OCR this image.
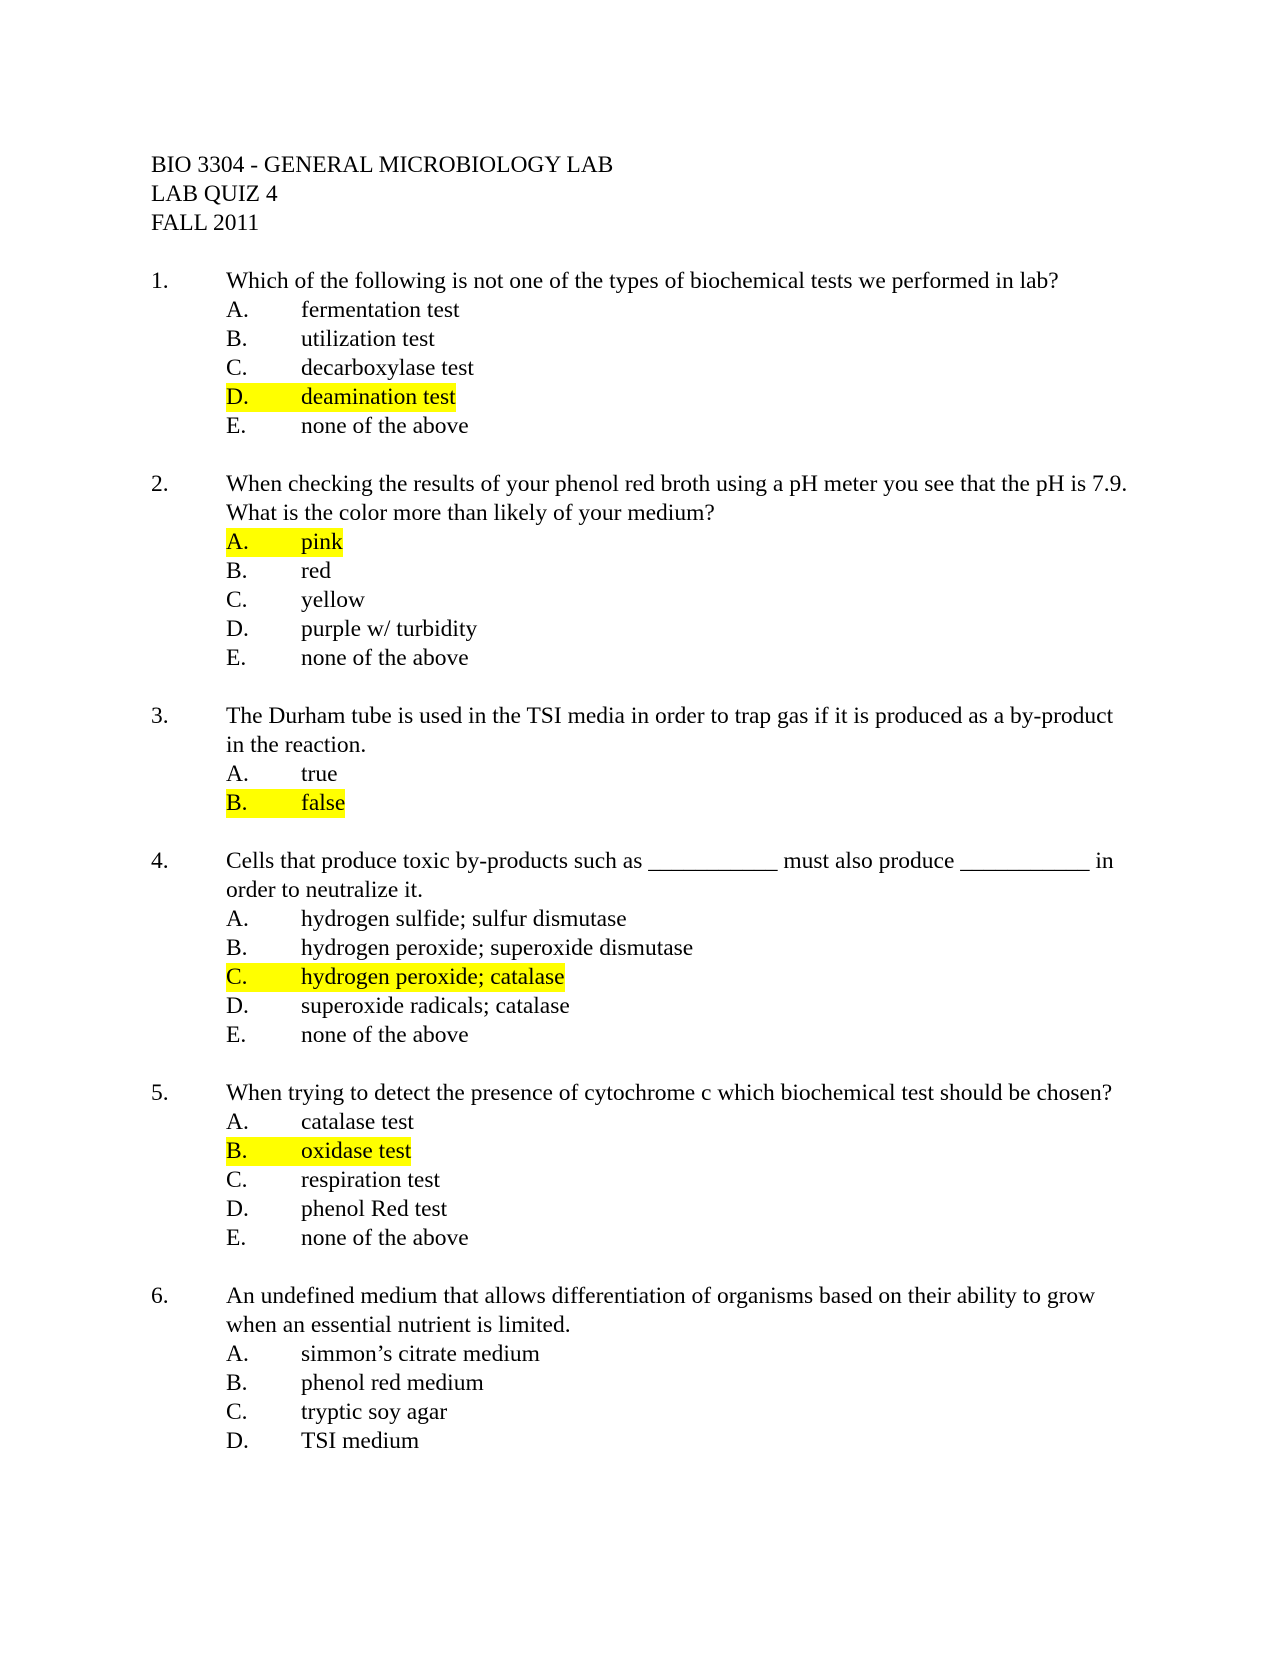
BIO 3304 - GENERAL MICROBIOLOGY LAB
LAB QUIZ 4
FALL 2011
1.	Which of the following is not one of the types of biochemical tests we performed in lab?
A.	fermentation test
B.	utilization test
C.	decarboxylase test
D.	deamination test
E.	none of the above
2.	When checking the results of your phenol red broth using a pH meter you see that the pH is 7.9. What is the color more than likely of your medium?
A.	pink
B.	red
C.	yellow
D.	purple w/ turbidity
E.	none of the above
3.	The Durham tube is used in the TSI media in order to trap gas if it is produced as a by-product in the reaction.
A.	true
B.	false
4.	Cells that produce toxic by-products such as ___________ must also produce ___________ in order to neutralize it.
A.	hydrogen sulfide; sulfur dismutase
B.	hydrogen peroxide; superoxide dismutase
C.	hydrogen peroxide; catalase
D.	superoxide radicals; catalase
E.	none of the above
5.	When trying to detect the presence of cytochrome c which biochemical test should be chosen?
A.	catalase test
B.	oxidase test
C.	respiration test
D.	phenol Red test
E.	none of the above
6.	An undefined medium that allows differentiation of organisms based on their ability to grow when an essential nutrient is limited.
A.	simmon’s citrate medium
B.	phenol red medium
C.	tryptic soy agar
D.	TSI medium
